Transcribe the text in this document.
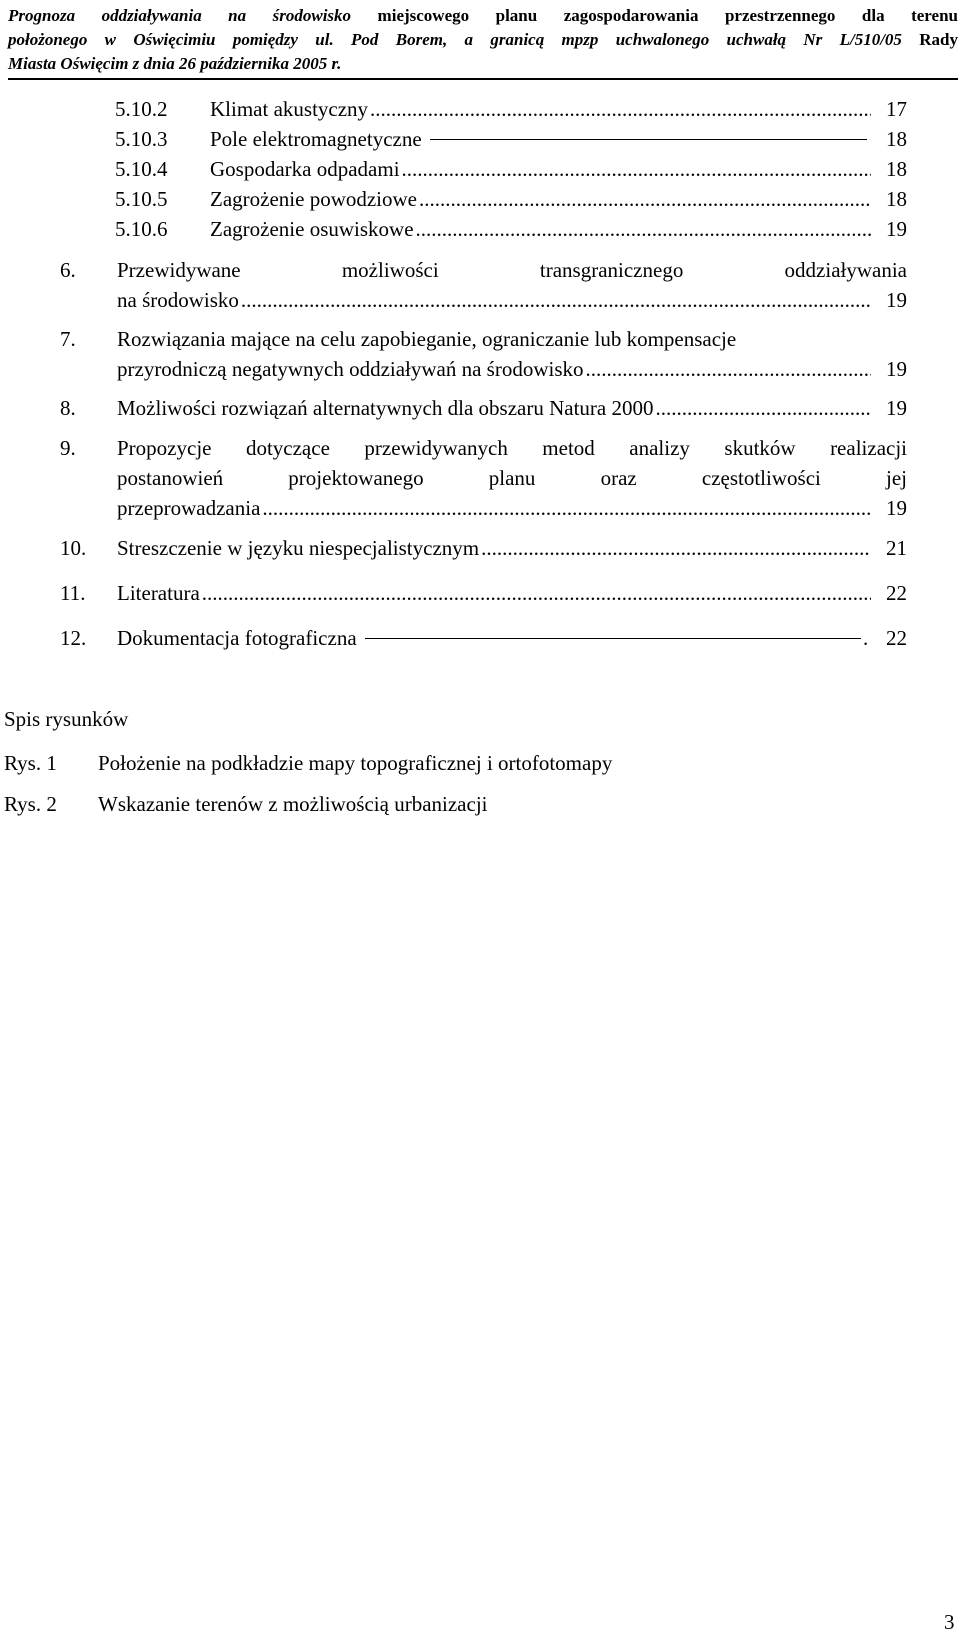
Prognoza oddziaływania na środowisko miejscowego planu zagospodarowania przestrzennego dla terenu
położonego w Oświęcimiu pomiędzy ul. Pod Borem, a granicą mpzp uchwalonego uchwałą Nr L/510/05 Rady
Miasta Oświęcim z dnia 26 października 2005 r.
5.10.2	Klimat akustyczny .....	17
5.10.3	Pole elektromagnetyczne	18
5.10.4	Gospodarka odpadami .....	18
5.10.5	Zagrożenie powodziowe .....	18
5.10.6	Zagrożenie osuwiskowe .....	19
6. Przewidywane możliwości transgranicznego oddziaływania
na środowisko .....	19
7.	Rozwiązania mające na celu zapobieganie, ograniczanie lub kompensacje
przyrodniczą negatywnych oddziaływań na środowisko .....	19
8.	Możliwości rozwiązań alternatywnych dla obszaru Natura 2000 .....	19
9. Propozycje dotyczące przewidywanych metod analizy skutków realizacji
postanowień projektowanego planu oraz częstotliwości jej
przeprowadzania .....	19
10.	Streszczenie w języku niespecjalistycznym .....	21
11.	Literatura .....	22
12.	Dokumentacja fotograficzna	. 22
Spis rysunków
Rys. 1 Położenie na podkładzie mapy topograficznej i ortofotomapy
Rys. 2 Wskazanie terenów z możliwością urbanizacji
3
